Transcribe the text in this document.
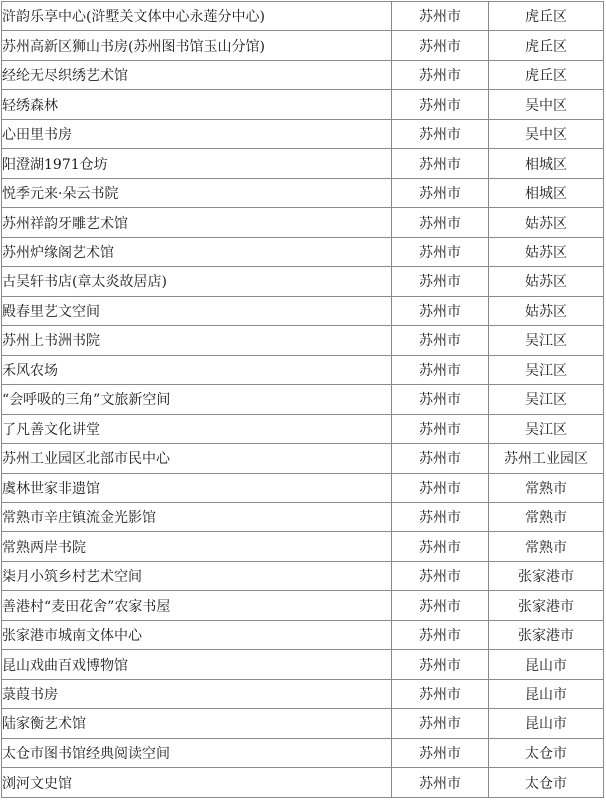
浒韵乐享中心(浒墅关文体中心永莲分中心)	苏州市	虎丘区
苏州高新区狮山书房(苏州图书馆玉山分馆)	苏州市	虎丘区
经纶无尽织绣艺术馆	苏州市	虎丘区
轻绣森林	苏州市	吴中区
心田里书房	苏州市	吴中区
阳澄湖1971仓坊	苏州市	相城区
悦季元来·朵云书院	苏州市	相城区
苏州祥韵牙雕艺术馆	苏州市	姑苏区
苏州炉缘阁艺术馆	苏州市	姑苏区
古吴轩书店(章太炎故居店)	苏州市	姑苏区
殿春里艺文空间	苏州市	姑苏区
苏州上书洲书院	苏州市	吴江区
禾风农场	苏州市	吴江区
“会呼吸的三角”文旅新空间	苏州市	吴江区
了凡善文化讲堂	苏州市	吴江区
苏州工业园区北部市民中心	苏州市	苏州工业园区
虞林世家非遗馆	苏州市	常熟市
常熟市辛庄镇流金光影馆	苏州市	常熟市
常熟两岸书院	苏州市	常熟市
柒月小筑乡村艺术空间	苏州市	张家港市
善港村“麦田花舍”农家书屋	苏州市	张家港市
张家港市城南文体中心	苏州市	张家港市
昆山戏曲百戏博物馆	苏州市	昆山市
菉葭书房	苏州市	昆山市
陆家衡艺术馆	苏州市	昆山市
太仓市图书馆经典阅读空间	苏州市	太仓市
浏河文史馆	苏州市	太仓市
